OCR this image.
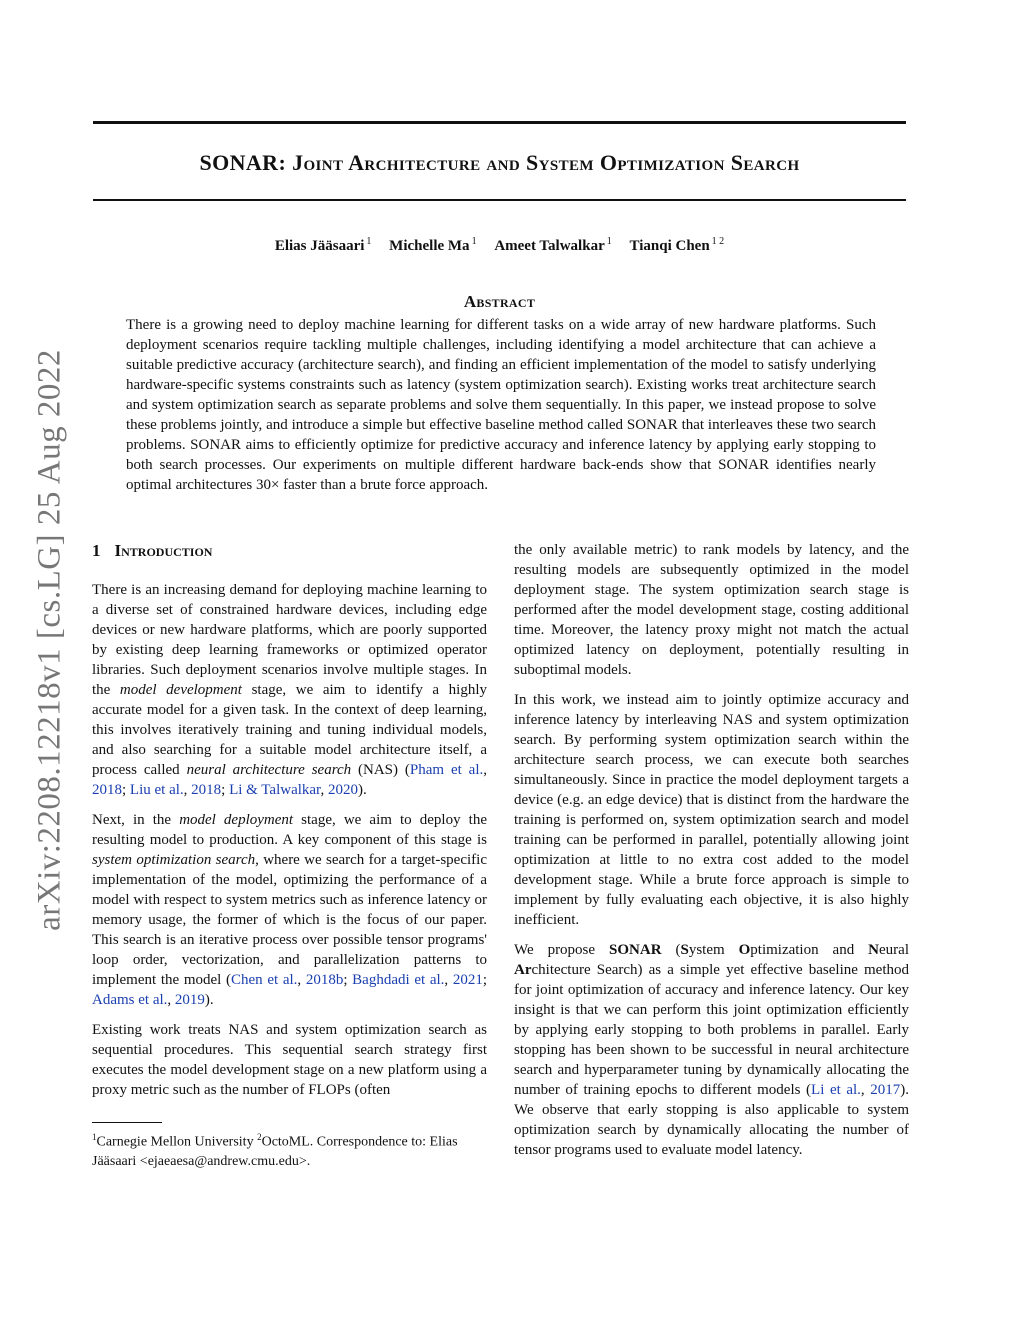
arXiv:2208.12218v1 [cs.LG] 25 Aug 2022
SONAR: Joint Architecture and System Optimization Search
Elias Jääsaari $^1$ Michelle Ma $^1$ Ameet Talwalkar $^1$ Tianqi Chen $^{1 2}$
Abstract

There is a growing need to deploy machine learning for different tasks on a wide array of new hardware platforms. Such deployment scenarios require tackling multiple challenges, including identifying a model architecture that can achieve a suitable predictive accuracy (architecture search), and finding an efficient implementation of the model to satisfy underlying hardware-specific systems constraints such as latency (system optimization search). Existing works treat architecture search and system optimization search as separate problems and solve them sequentially. In this paper, we instead propose to solve these problems jointly, and introduce a simple but effective baseline method called SONAR that interleaves these two search problems. SONAR aims to efficiently optimize for predictive accuracy and inference latency by applying early stopping to both search processes. Our experiments on multiple different hardware back-ends show that SONAR identifies nearly optimal architectures 30× faster than a brute force approach.

1 Introduction

There is an increasing demand for deploying machine learning to a diverse set of constrained hardware devices, including edge devices or new hardware platforms, which are poorly supported by existing deep learning frameworks or optimized operator libraries. Such deployment scenarios involve multiple stages. In the model development stage, we aim to identify a highly accurate model for a given task. In the context of deep learning, this involves iteratively training and tuning individual models, and also searching for a suitable model architecture itself, a process called neural architecture search (NAS) (Pham et al., 2018; Liu et al., 2018; Li & Talwalkar, 2020).

Next, in the model deployment stage, we aim to deploy the resulting model to production. A key component of this stage is system optimization search, where we search for a target-specific implementation of the model, optimizing the performance of a model with respect to system metrics such as inference latency or memory usage, the former of which is the focus of our paper. This search is an iterative process over possible tensor programs' loop order, vectorization, and parallelization patterns to implement the model (Chen et al., 2018b; Baghdadi et al., 2021; Adams et al., 2019).

Existing work treats NAS and system optimization search as sequential procedures. This sequential search strategy first executes the model development stage on a new platform using a proxy metric such as the number of FLOPs (often

$^1$Carnegie Mellon University $^2$OctoML. Correspondence to: Elias Jääsaari <ejaeaesa@andrew.cmu.edu>.

the only available metric) to rank models by latency, and the resulting models are subsequently optimized in the model deployment stage. The system optimization search stage is performed after the model development stage, costing additional time. Moreover, the latency proxy might not match the actual optimized latency on deployment, potentially resulting in suboptimal models.

In this work, we instead aim to jointly optimize accuracy and inference latency by interleaving NAS and system optimization search. By performing system optimization search within the architecture search process, we can execute both searches simultaneously. Since in practice the model deployment targets a device (e.g. an edge device) that is distinct from the hardware the training is performed on, system optimization search and model training can be performed in parallel, potentially allowing joint optimization at little to no extra cost added to the model development stage. While a brute force approach is simple to implement by fully evaluating each objective, it is also highly inefficient.

We propose SONAR (System Optimization and Neural Architecture Search) as a simple yet effective baseline method for joint optimization of accuracy and inference latency. Our key insight is that we can perform this joint optimization efficiently by applying early stopping to both problems in parallel. Early stopping has been shown to be successful in neural architecture search and hyperparameter tuning by dynamically allocating the number of training epochs to different models (Li et al., 2017). We observe that early stopping is also applicable to system optimization search by dynamically allocating the number of tensor programs used to evaluate model latency.
